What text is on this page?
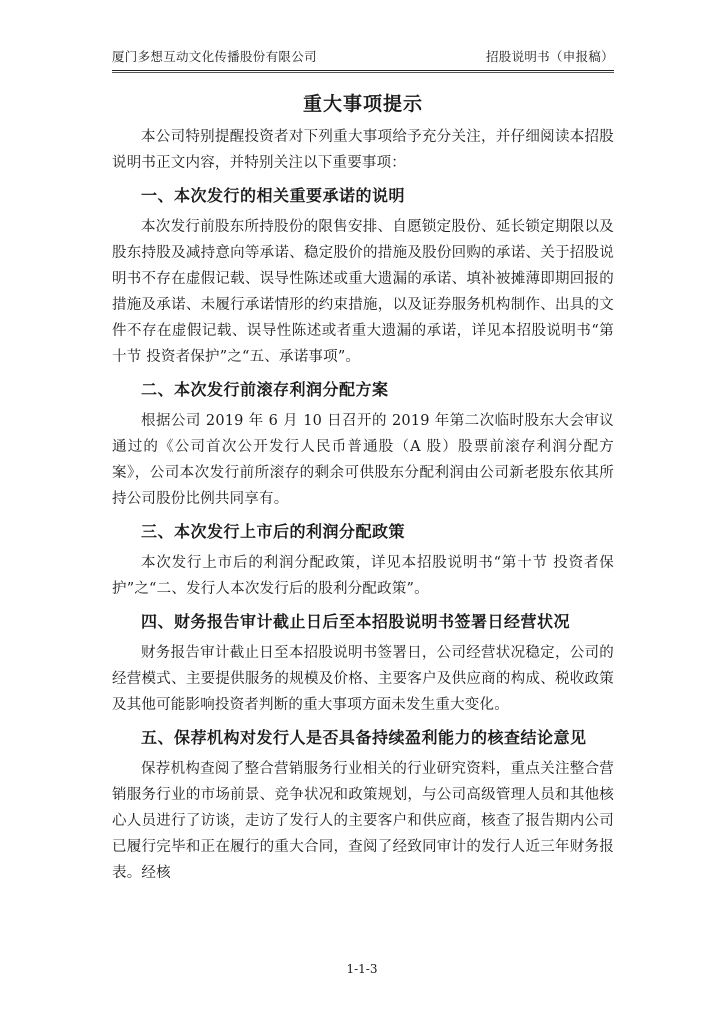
厦门多想互动文化传播股份有限公司	招股说明书（申报稿）
重大事项提示

本公司特别提醒投资者对下列重大事项给予充分关注，并仔细阅读本招股说明书正文内容，并特别关注以下重要事项：

一、本次发行的相关重要承诺的说明

本次发行前股东所持股份的限售安排、自愿锁定股份、延长锁定期限以及股东持股及减持意向等承诺、稳定股价的措施及股份回购的承诺、关于招股说明书不存在虚假记载、误导性陈述或重大遗漏的承诺、填补被摊薄即期回报的措施及承诺、未履行承诺情形的约束措施，以及证券服务机构制作、出具的文件不存在虚假记载、误导性陈述或者重大遗漏的承诺，详见本招股说明书“第十节 投资者保护”之“五、承诺事项”。

二、本次发行前滚存利润分配方案

根据公司 2019 年 6 月 10 日召开的 2019 年第二次临时股东大会审议通过的《公司首次公开发行人民币普通股（A 股）股票前滚存利润分配方案》，公司本次发行前所滚存的剩余可供股东分配利润由公司新老股东依其所持公司股份比例共同享有。

三、本次发行上市后的利润分配政策

本次发行上市后的利润分配政策，详见本招股说明书“第十节 投资者保护”之“二、发行人本次发行后的股利分配政策”。

四、财务报告审计截止日后至本招股说明书签署日经营状况

财务报告审计截止日至本招股说明书签署日，公司经营状况稳定，公司的经营模式、主要提供服务的规模及价格、主要客户及供应商的构成、税收政策及其他可能影响投资者判断的重大事项方面未发生重大变化。

五、保荐机构对发行人是否具备持续盈利能力的核查结论意见

保荐机构查阅了整合营销服务行业相关的行业研究资料，重点关注整合营销服务行业的市场前景、竞争状况和政策规划，与公司高级管理人员和其他核心人员进行了访谈，走访了发行人的主要客户和供应商，核查了报告期内公司已履行完毕和正在履行的重大合同，查阅了经致同审计的发行人近三年财务报表。经核

1-1-3
